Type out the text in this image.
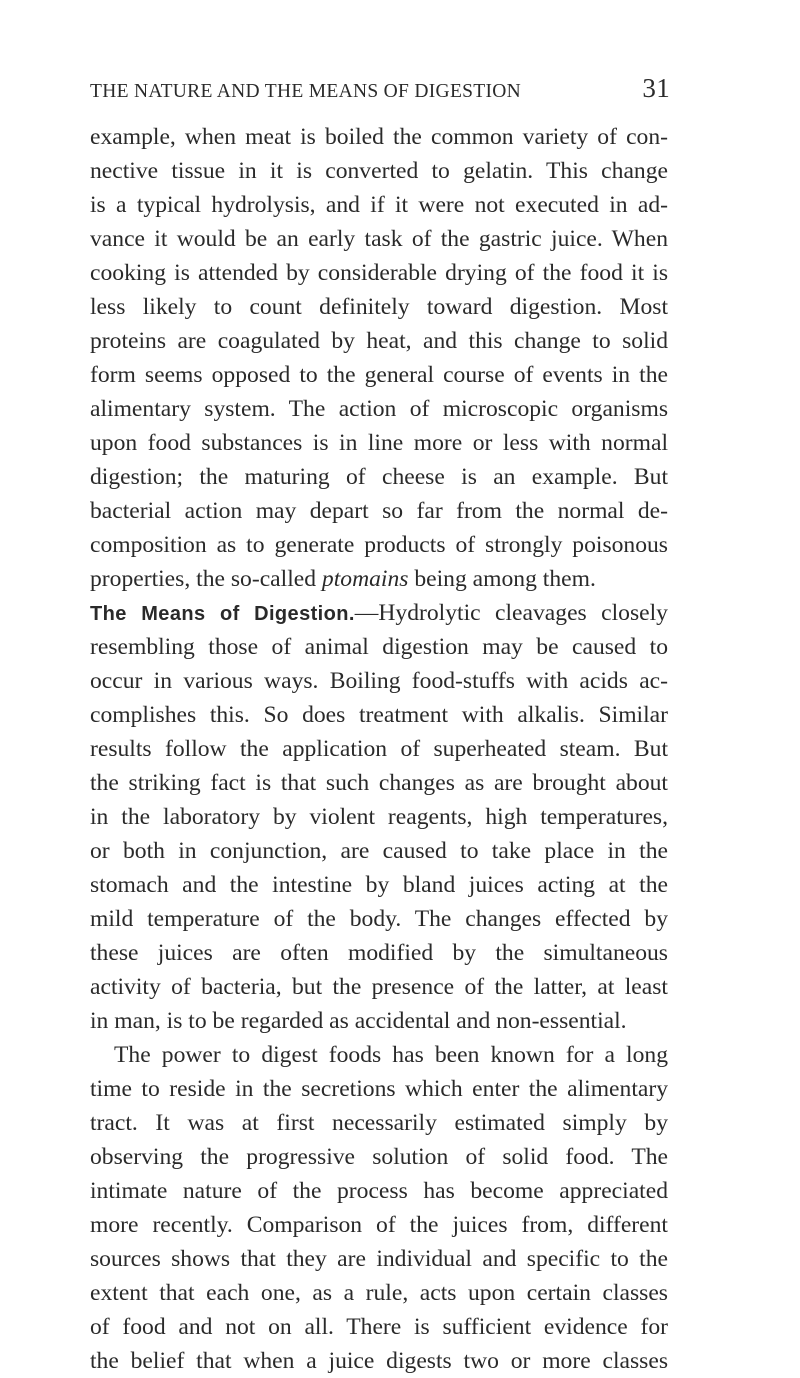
THE NATURE AND THE MEANS OF DIGESTION	31
example, when meat is boiled the common variety of con-
nective tissue in it is converted to gelatin. This change
is a typical hydrolysis, and if it were not executed in ad-
vance it would be an early task of the gastric juice. When
cooking is attended by considerable drying of the food it is
less likely to count definitely toward digestion. Most
proteins are coagulated by heat, and this change to solid
form seems opposed to the general course of events in the
alimentary system. The action of microscopic organisms
upon food substances is in line more or less with normal
digestion; the maturing of cheese is an example. But
bacterial action may depart so far from the normal de-
composition as to generate products of strongly poisonous
properties, the so-called ptomains being among them.
The Means of Digestion.—Hydrolytic cleavages closely
resembling those of animal digestion may be caused to
occur in various ways. Boiling food-stuffs with acids ac-
complishes this. So does treatment with alkalis. Similar
results follow the application of superheated steam. But
the striking fact is that such changes as are brought about
in the laboratory by violent reagents, high temperatures,
or both in conjunction, are caused to take place in the
stomach and the intestine by bland juices acting at the
mild temperature of the body. The changes effected by
these juices are often modified by the simultaneous
activity of bacteria, but the presence of the latter, at least
in man, is to be regarded as accidental and non-essential.
The power to digest foods has been known for a long
time to reside in the secretions which enter the alimentary
tract. It was at first necessarily estimated simply by
observing the progressive solution of solid food. The
intimate nature of the process has become appreciated
more recently. Comparison of the juices from, different
sources shows that they are individual and specific to the
extent that each one, as a rule, acts upon certain classes
of food and not on all. There is sufficient evidence for
the belief that when a juice digests two or more classes
